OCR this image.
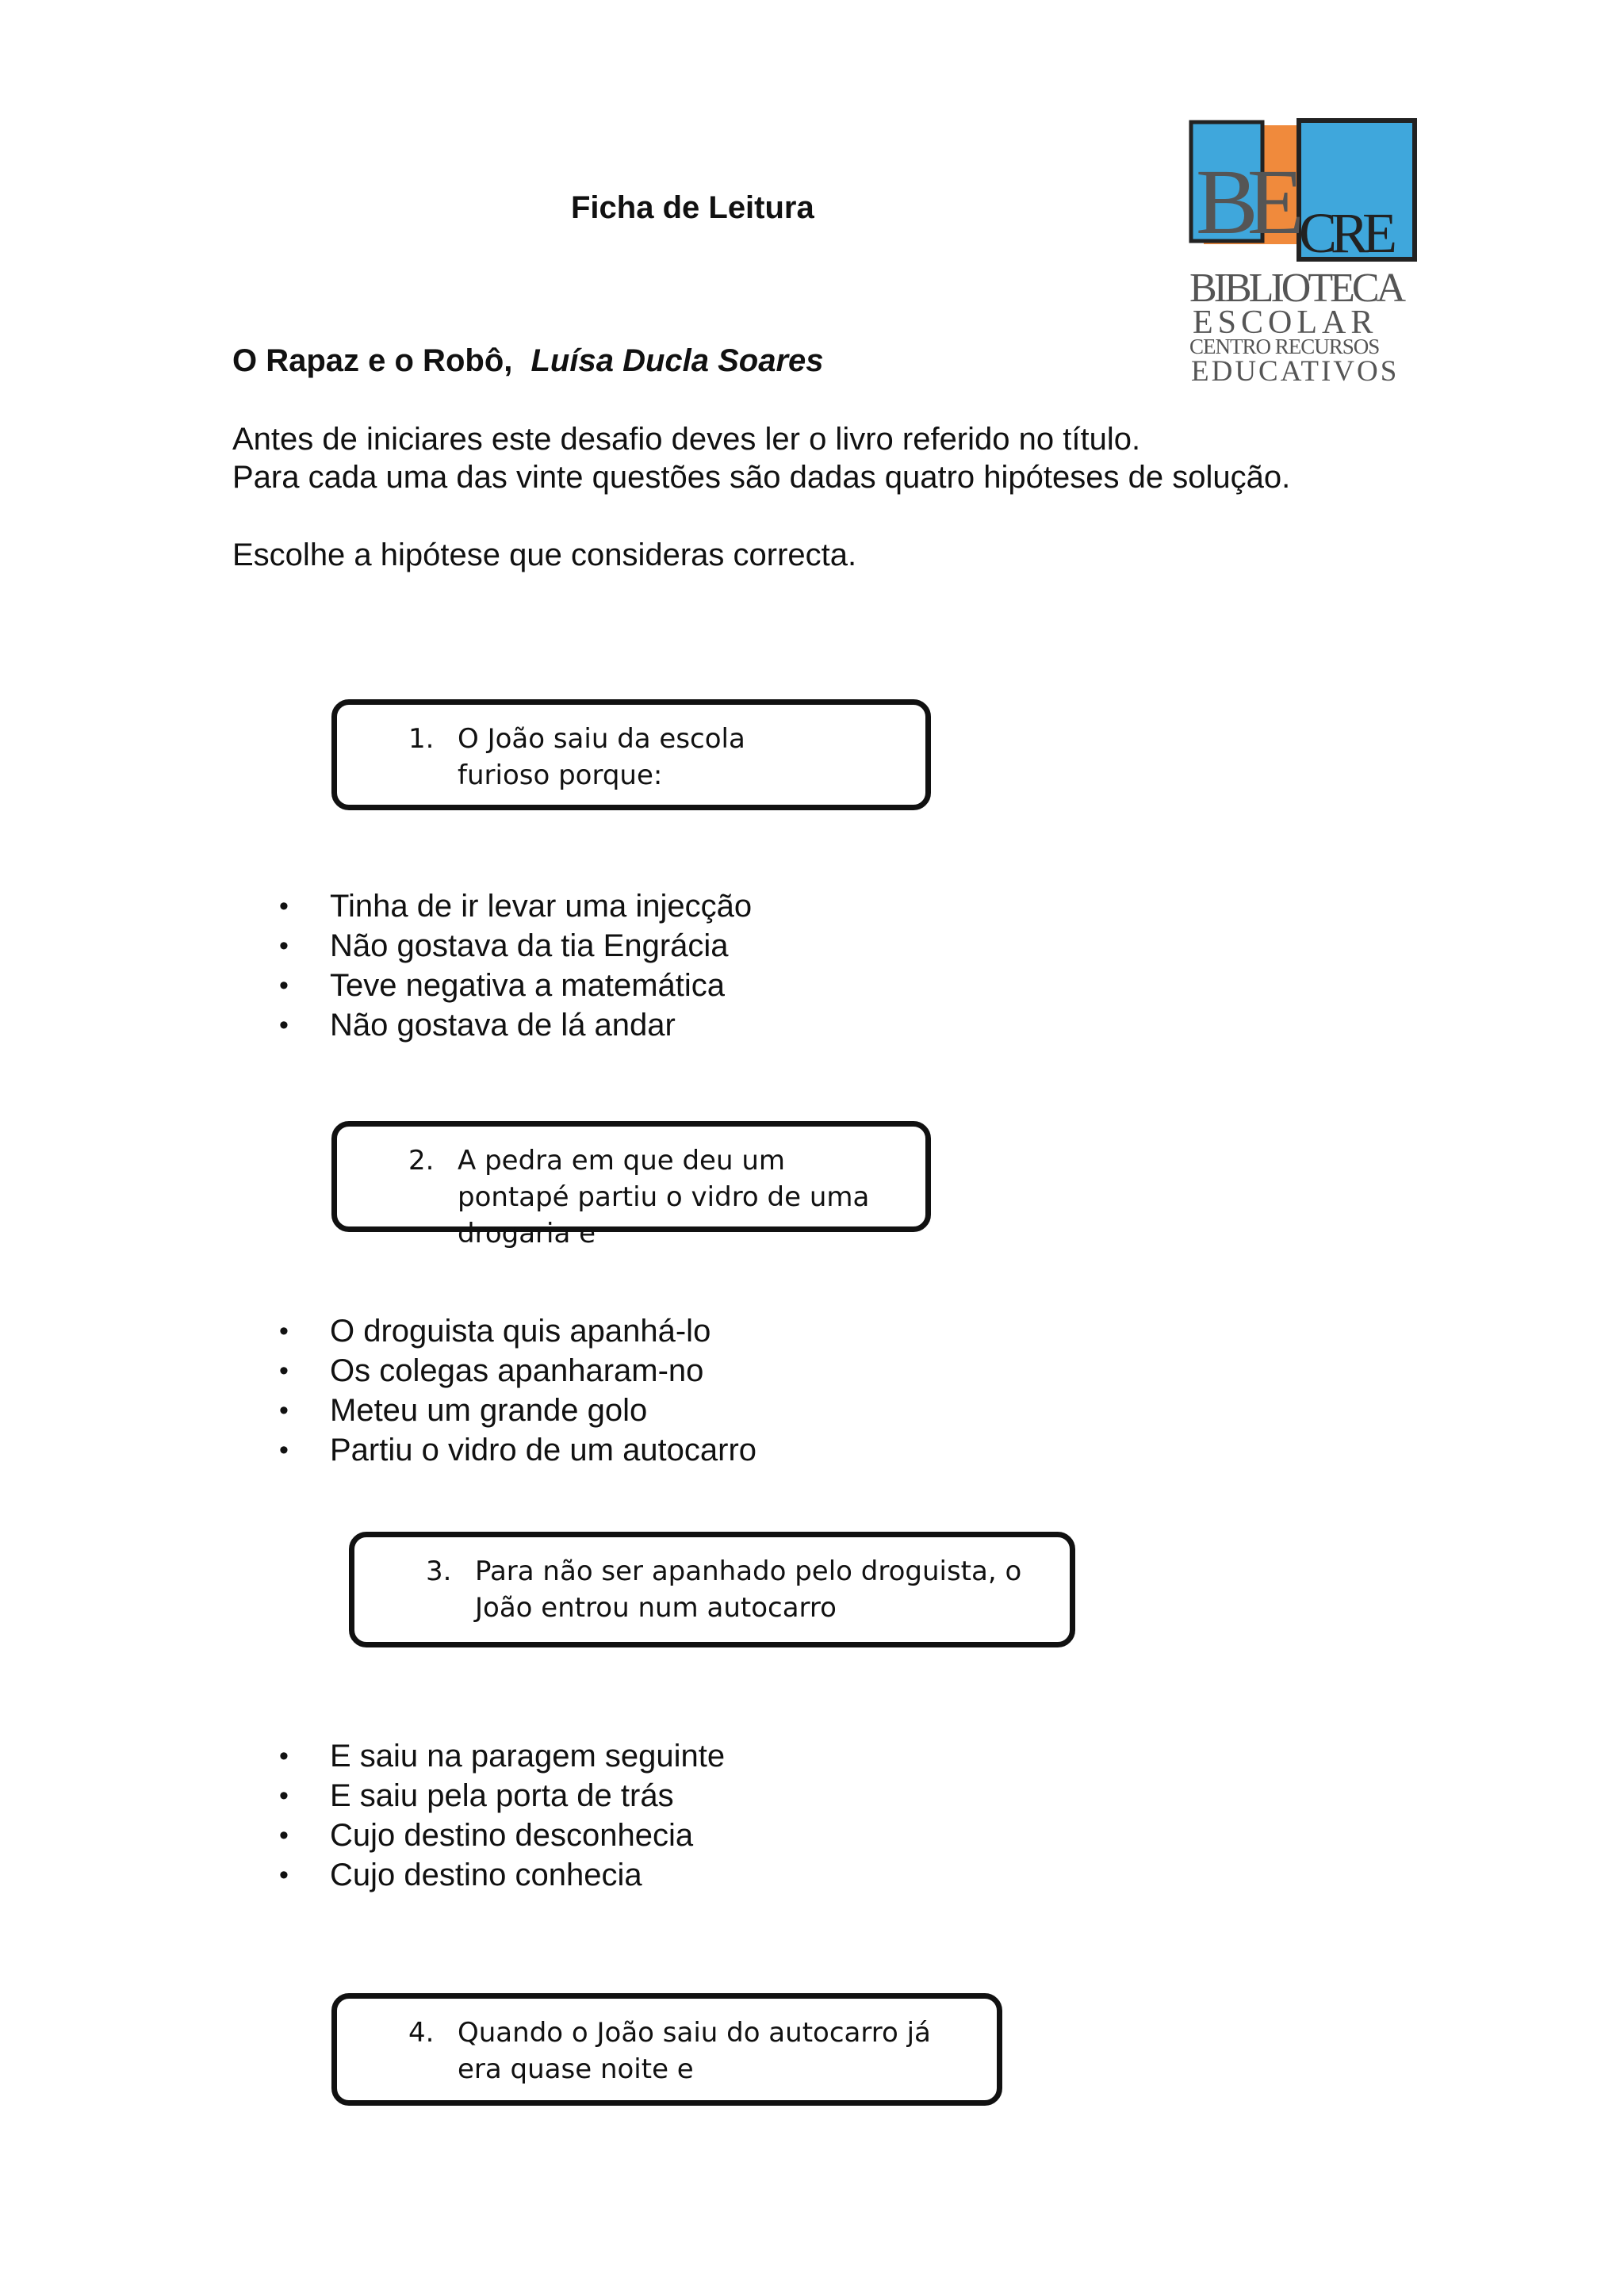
Ficha de Leitura
O Rapaz e o Robô, Luísa Ducla Soares
Antes de iniciares este desafio deves ler o livro referido no título.
Para cada uma das vinte questões são dadas quatro hipóteses de solução.
Escolhe a hipótese que consideras correcta.
BE CRE
BIBLIOTECA
ESCOLAR
CENTRO RECURSOS
EDUCATIVOS
1. O João saiu da escola furioso porque:
• Tinha de ir levar uma injecção
• Não gostava da tia Engrácia
• Teve negativa a matemática
• Não gostava de lá andar
2. A pedra em que deu um pontapé partiu o vidro de uma drogaria e
• O droguista quis apanhá-lo
• Os colegas apanharam-no
• Meteu um grande golo
• Partiu o vidro de um autocarro
3. Para não ser apanhado pelo droguista, o João entrou num autocarro
• E saiu na paragem seguinte
• E saiu pela porta de trás
• Cujo destino desconhecia
• Cujo destino conhecia
4. Quando o João saiu do autocarro já era quase noite e
